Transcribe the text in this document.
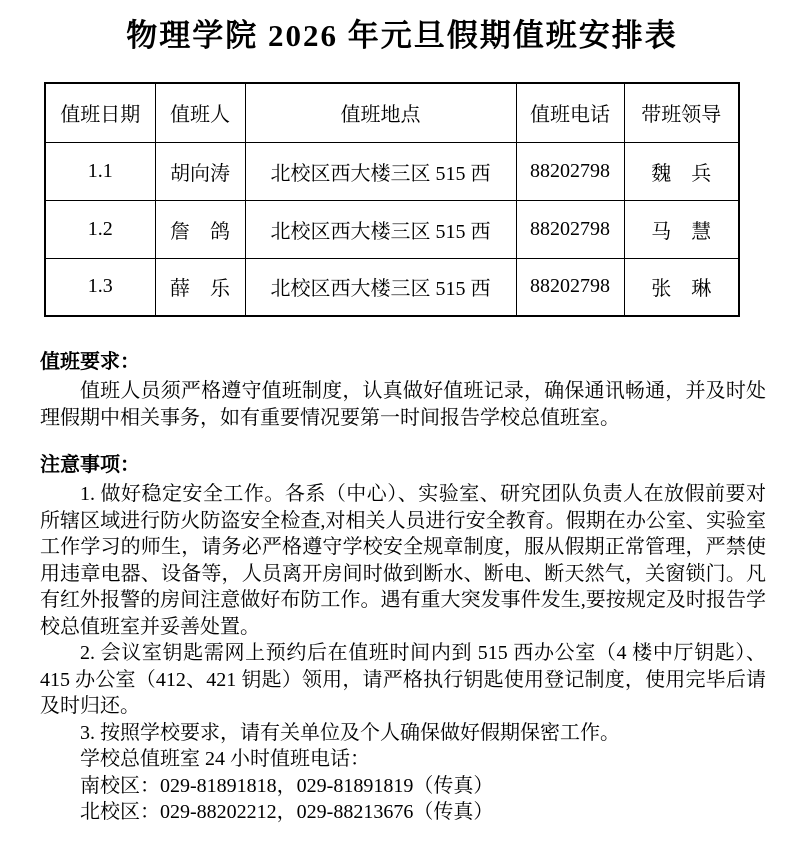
物理学院 2026 年元旦假期值班安排表
值班日期	值班人	值班地点	值班电话	带班领导
1.1	胡向涛	北校区西大楼三区 515 西	88202798	魏　兵
1.2	詹　鸽	北校区西大楼三区 515 西	88202798	马　慧
1.3	薛　乐	北校区西大楼三区 515 西	88202798	张　琳

值班要求：

值班人员须严格遵守值班制度，认真做好值班记录，确保通讯畅通，并及时处理假期中相关事务，如有重要情况要第一时间报告学校总值班室。

注意事项：

1. 做好稳定安全工作。各系（中心）、实验室、研究团队负责人在放假前要对所辖区域进行防火防盗安全检查,对相关人员进行安全教育。假期在办公室、实验室工作学习的师生，请务必严格遵守学校安全规章制度，服从假期正常管理，严禁使用违章电器、设备等，人员离开房间时做到断水、断电、断天然气，关窗锁门。凡有红外报警的房间注意做好布防工作。遇有重大突发事件发生,要按规定及时报告学校总值班室并妥善处置。

2. 会议室钥匙需网上预约后在值班时间内到 515 西办公室（4 楼中厅钥匙）、415 办公室（412、421 钥匙）领用，请严格执行钥匙使用登记制度，使用完毕后请及时归还。

3. 按照学校要求，请有关单位及个人确保做好假期保密工作。

学校总值班室 24 小时值班电话：

南校区：029-81891818，029-81891819（传真）

北校区：029-88202212，029-88213676（传真）
